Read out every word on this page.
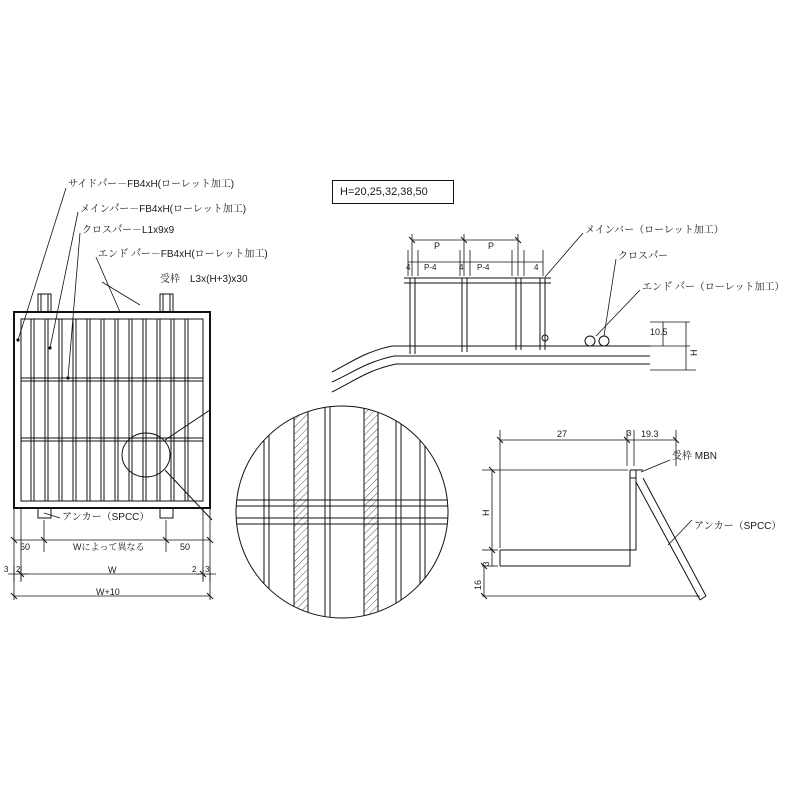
H=20,25,32,38,50
サイドバ゙ー－FB4xH(ローレット加工)
メインバ゙ー－FB4xH(ローレット加工)
クロスバ゙ー－L1x9x9
エンド゙ バ゙ー－FB4xH(ローレット加工)
受枠　L3x(H+3)x30
アンカー（SPCC）
50	Wによって異なる	50
3 2	W	2 3
W+10
メインバー（ローレット加工）
クロスバ゙ー
エンド゙ バ゙ー（ローレット加工）
P	P
4 P-4	4 P-4	4
10.5
H
27	3 19.3
H
3
16
受枠 MBN
アンカー（SPCC）
